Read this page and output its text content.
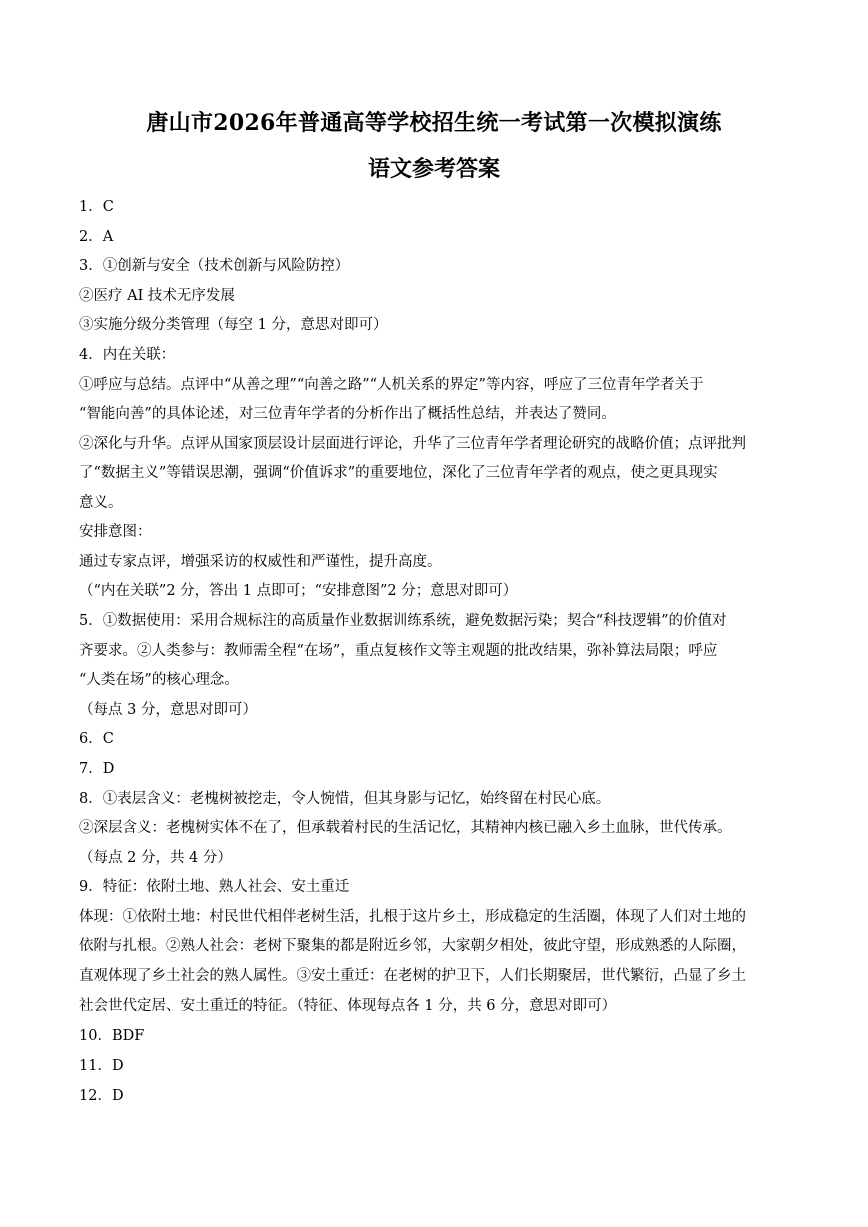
唐山市2026年普通高等学校招生统一考试第一次模拟演练
语文参考答案
1．C
2．A
3．①创新与安全（技术创新与风险防控）
②医疗 AI 技术无序发展
③实施分级分类管理（每空 1 分，意思对即可）
4．内在关联：
①呼应与总结。点评中“从善之理”“向善之路”“人机关系的界定”等内容，呼应了三位青年学者关于
“智能向善”的具体论述，对三位青年学者的分析作出了概括性总结，并表达了赞同。
②深化与升华。点评从国家顶层设计层面进行评论，升华了三位青年学者理论研究的战略价值；点评批判
了“数据主义”等错误思潮，强调“价值诉求”的重要地位，深化了三位青年学者的观点，使之更具现实
意义。
安排意图：
通过专家点评，增强采访的权威性和严谨性，提升高度。
（“内在关联”2 分，答出 1 点即可；“安排意图”2 分；意思对即可）
5．①数据使用：采用合规标注的高质量作业数据训练系统，避免数据污染；契合“科技逻辑”的价值对
齐要求。②人类参与：教师需全程“在场”，重点复核作文等主观题的批改结果，弥补算法局限；呼应
“人类在场”的核心理念。
（每点 3 分，意思对即可）
6．C
7．D
8．①表层含义：老槐树被挖走，令人惋惜，但其身影与记忆，始终留在村民心底。
②深层含义：老槐树实体不在了，但承载着村民的生活记忆，其精神内核已融入乡土血脉，世代传承。
（每点 2 分，共 4 分）
9．特征：依附土地、熟人社会、安土重迁
体现：①依附土地：村民世代相伴老树生活，扎根于这片乡土，形成稳定的生活圈，体现了人们对土地的
依附与扎根。②熟人社会：老树下聚集的都是附近乡邻，大家朝夕相处，彼此守望，形成熟悉的人际圈，
直观体现了乡土社会的熟人属性。③安土重迁：在老树的护卫下，人们长期聚居，世代繁衍，凸显了乡土
社会世代定居、安土重迁的特征。（特征、体现每点各 1 分，共 6 分，意思对即可）
10．BDF
11．D
12．D
